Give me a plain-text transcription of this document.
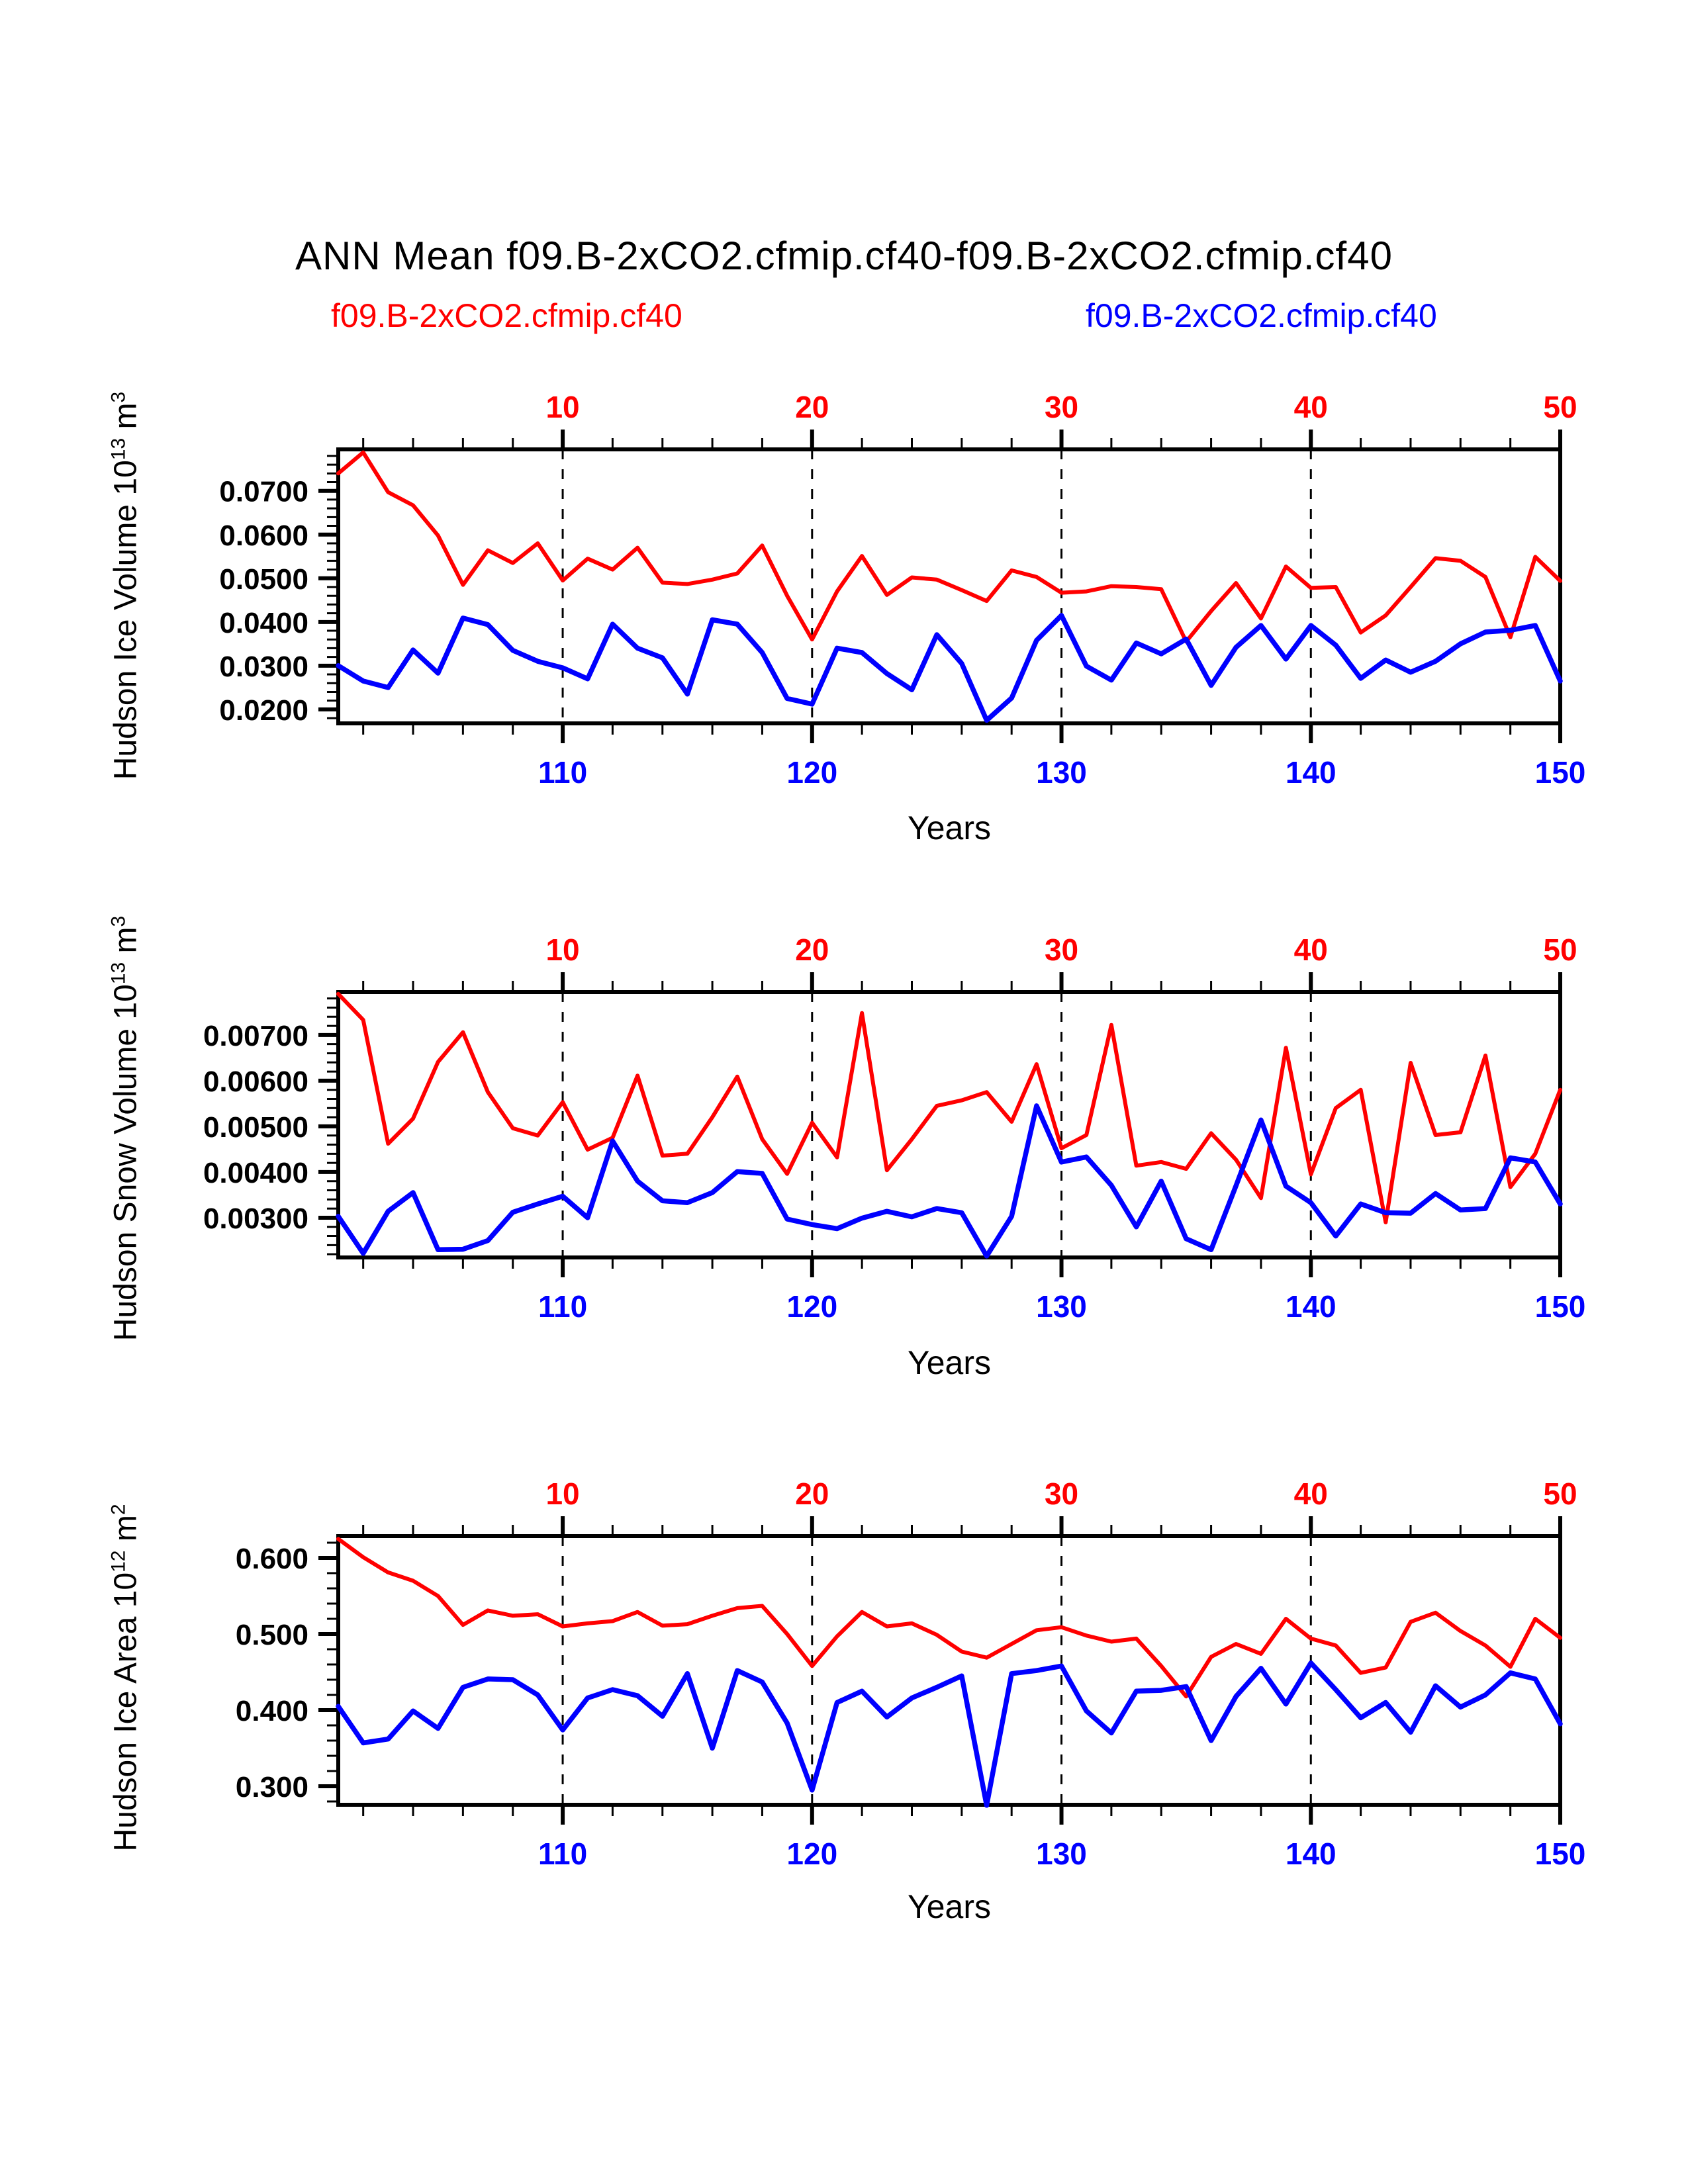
10
110
20
120
30
130
40
140
50
150
0.0200
0.0300
0.0400
0.0500
0.0600
0.0700
10
110
20
120
30
130
40
140
50
150
0.00300
0.00400
0.00500
0.00600
0.00700
10
110
20
120
30
130
40
140
50
150
0.300
0.400
0.500
0.600
ANN Mean f09.B-2xCO2.cfmip.cf40-f09.B-2xCO2.cfmip.cf40
f09.B-2xCO2.cfmip.cf40	f09.B-2xCO2.cfmip.cf40
Hudson Ice Volume $10^{13}$ $m^3$
Hudson Snow Volume $10^{13}$ $m^3$
Hudson Ice Area $10^{12}$ $m^2$
Years
Years
Years
